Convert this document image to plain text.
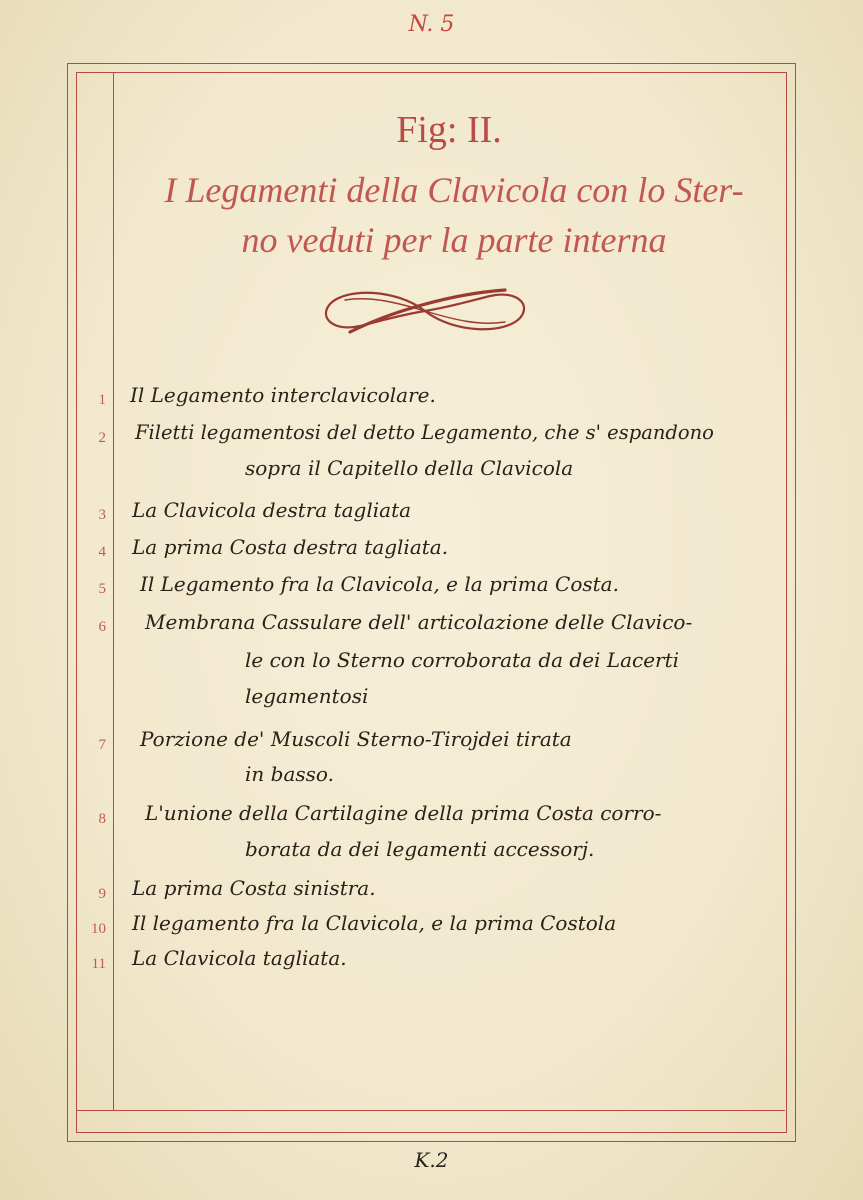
N. 5
Fig: II.
I Legamenti della Clavicola con lo Ster-
no veduti per la parte interna
1 Il Legamento interclavicolare.
2 Filetti legamentosi del detto Legamento, che s' espandono
sopra il Capitello della Clavicola
3 La Clavicola destra tagliata
4 La prima Costa destra tagliata.
5 Il Legamento fra la Clavicola, e la prima Costa.
6 Membrana Cassulare dell' articolazione delle Clavico-
le con lo Sterno corroborata da dei Lacerti
legamentosi
7 Porzione de' Muscoli Sterno-Tirojdei tirata
in basso.
8 L'unione della Cartilagine della prima Costa corro-
borata da dei legamenti accessorj.
9 La prima Costa sinistra.
10 Il legamento fra la Clavicola, e la prima Costola
11 La Clavicola tagliata.
K.2
